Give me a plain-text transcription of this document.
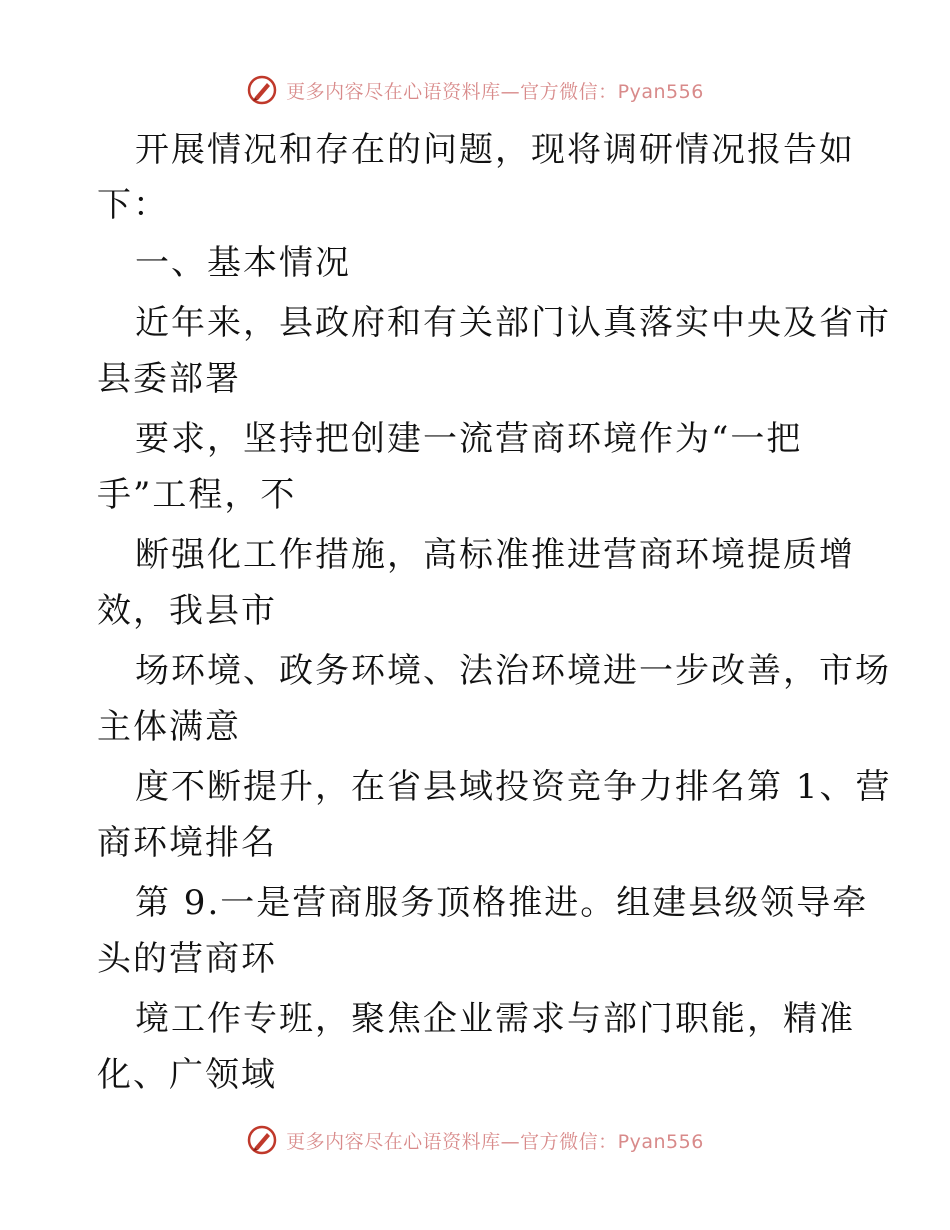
更多内容尽在心语资料库—官方微信：Pyan556
开展情况和存在的问题，现将调研情况报告如
下：
一、基本情况
近年来，县政府和有关部门认真落实中央及省市
县委部署
要求，坚持把创建一流营商环境作为“一把
手”工程，不
断强化工作措施，高标准推进营商环境提质增
效，我县市
场环境、政务环境、法治环境进一步改善，市场
主体满意
度不断提升，在省县域投资竞争力排名第 1、营
商环境排名
第 9.一是营商服务顶格推进。组建县级领导牵
头的营商环
境工作专班，聚焦企业需求与部门职能，精准
化、广领域
更多内容尽在心语资料库—官方微信：Pyan556
